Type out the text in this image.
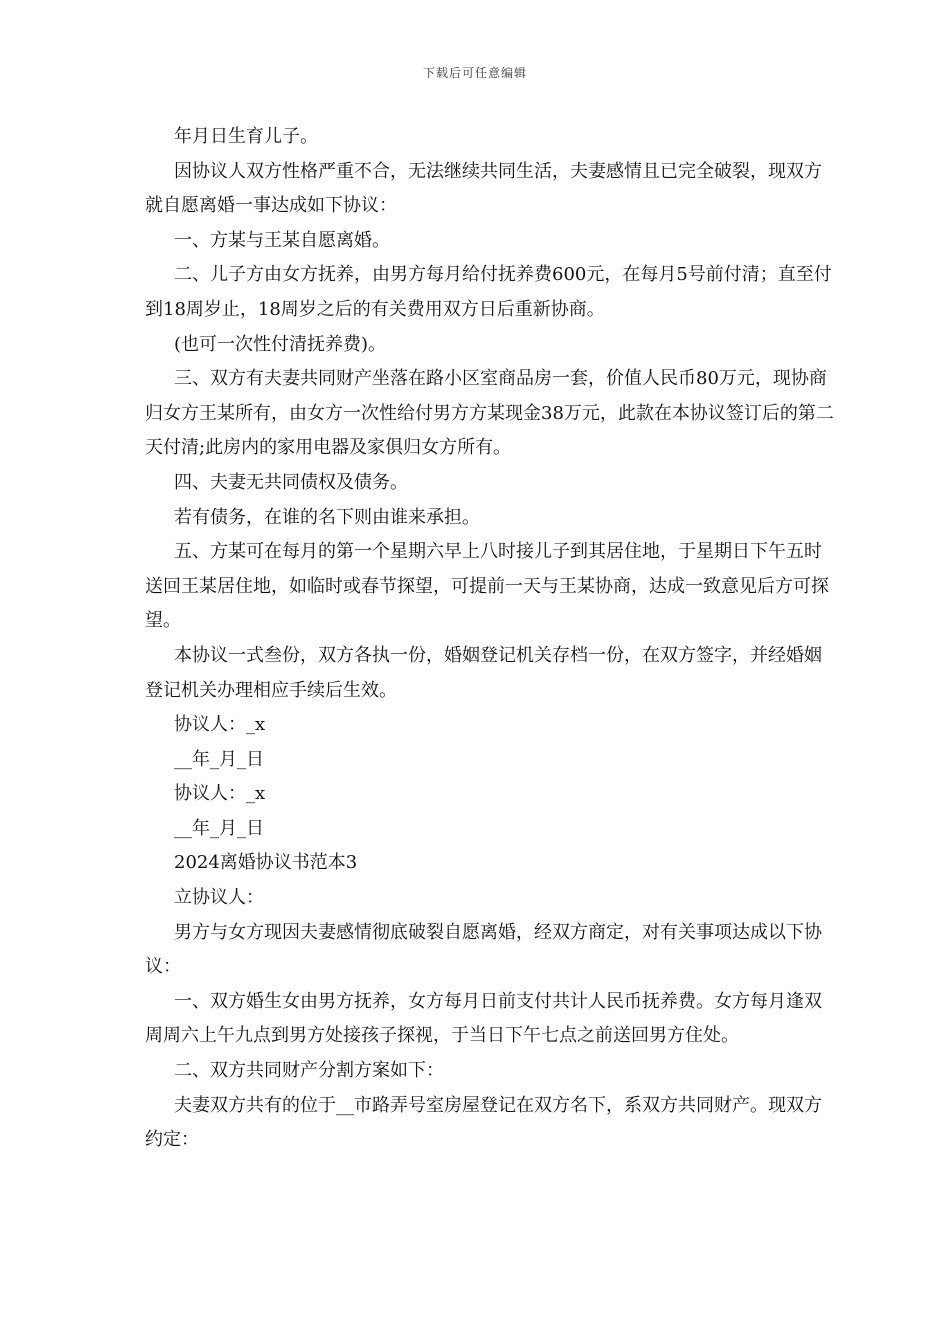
下载后可任意编辑

年月日生育儿子。

因协议人双方性格严重不合，无法继续共同生活，夫妻感情且已完全破裂，现双方就自愿离婚一事达成如下协议：

一、方某与王某自愿离婚。

二、儿子方由女方抚养，由男方每月给付抚养费600元，在每月5号前付清；直至付到18周岁止，18周岁之后的有关费用双方日后重新协商。

(也可一次性付清抚养费)。

三、双方有夫妻共同财产坐落在路小区室商品房一套，价值人民币80万元，现协商归女方王某所有，由女方一次性给付男方方某现金38万元，此款在本协议签订后的第二天付清;此房内的家用电器及家俱归女方所有。

四、夫妻无共同债权及债务。

若有债务，在谁的名下则由谁来承担。

五、方某可在每月的第一个星期六早上八时接儿子到其居住地，于星期日下午五时送回王某居住地，如临时或春节探望，可提前一天与王某协商，达成一致意见后方可探望。

本协议一式叁份，双方各执一份，婚姻登记机关存档一份，在双方签字，并经婚姻登记机关办理相应手续后生效。

协议人：_x

__年_月_日

协议人：_x

__年_月_日

2024离婚协议书范本3

立协议人：

男方与女方现因夫妻感情彻底破裂自愿离婚，经双方商定，对有关事项达成以下协议：

一、双方婚生女由男方抚养，女方每月日前支付共计人民币抚养费。女方每月逢双周周六上午九点到男方处接孩子探视，于当日下午七点之前送回男方住处。

二、双方共同财产分割方案如下：

夫妻双方共有的位于__市路弄号室房屋登记在双方名下，系双方共同财产。现双方约定：
